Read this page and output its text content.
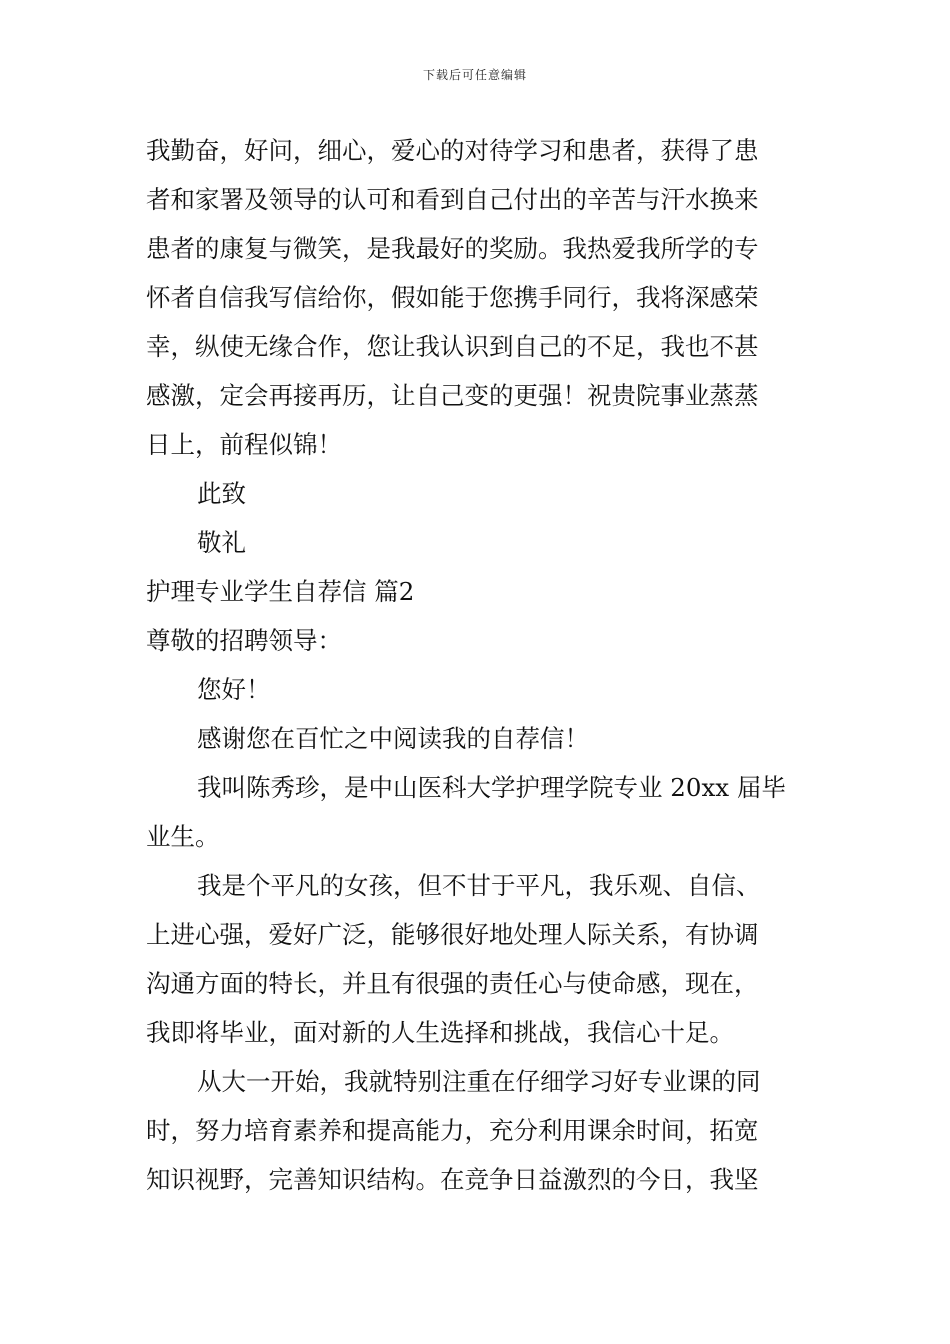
下载后可任意编辑
我勤奋，好问，细心，爱心的对待学习和患者，获得了患
者和家署及领导的认可和看到自己付出的辛苦与汗水换来
患者的康复与微笑，是我最好的奖励。我热爱我所学的专
怀者自信我写信给你，假如能于您携手同行，我将深感荣
幸，纵使无缘合作，您让我认识到自己的不足，我也不甚
感激，定会再接再历，让自己变的更强！祝贵院事业蒸蒸
日上，前程似锦！
此致
敬礼
护理专业学生自荐信 篇2
尊敬的招聘领导：
您好！
感谢您在百忙之中阅读我的自荐信！
我叫陈秀珍，是中山医科大学护理学院专业 20xx 届毕
业生。
我是个平凡的女孩，但不甘于平凡，我乐观、自信、
上进心强，爱好广泛，能够很好地处理人际关系，有协调
沟通方面的特长，并且有很强的责任心与使命感，现在，
我即将毕业，面对新的人生选择和挑战，我信心十足。
从大一开始，我就特别注重在仔细学习好专业课的同
时，努力培育素养和提高能力，充分利用课余时间，拓宽
知识视野，完善知识结构。在竞争日益激烈的今日，我坚
